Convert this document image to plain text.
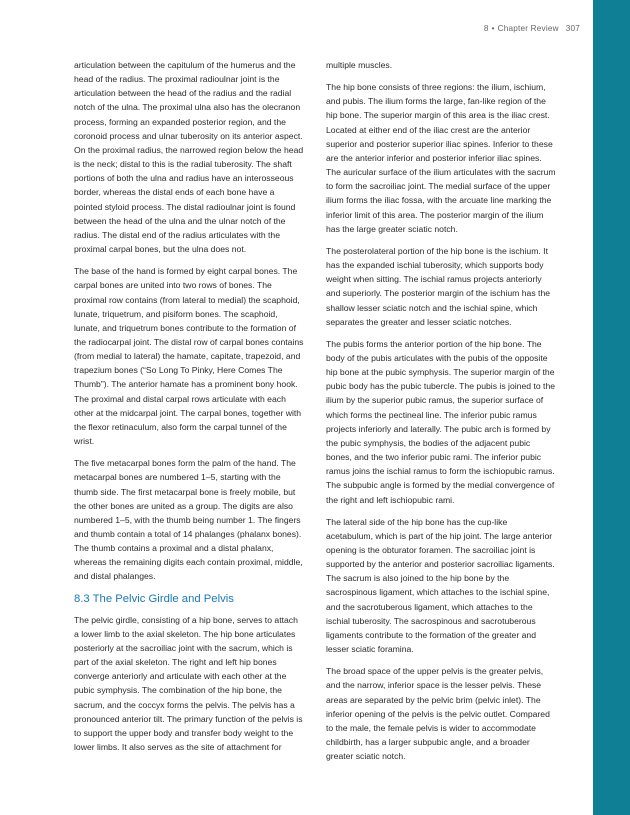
8 • Chapter Review 307

articulation between the capitulum of the humerus and the head of the radius. The proximal radioulnar joint is the articulation between the head of the radius and the radial notch of the ulna. The proximal ulna also has the olecranon process, forming an expanded posterior region, and the coronoid process and ulnar tuberosity on its anterior aspect. On the proximal radius, the narrowed region below the head is the neck; distal to this is the radial tuberosity. The shaft portions of both the ulna and radius have an interosseous border, whereas the distal ends of each bone have a pointed styloid process. The distal radioulnar joint is found between the head of the ulna and the ulnar notch of the radius. The distal end of the radius articulates with the proximal carpal bones, but the ulna does not.

The base of the hand is formed by eight carpal bones. The carpal bones are united into two rows of bones. The proximal row contains (from lateral to medial) the scaphoid, lunate, triquetrum, and pisiform bones. The scaphoid, lunate, and triquetrum bones contribute to the formation of the radiocarpal joint. The distal row of carpal bones contains (from medial to lateral) the hamate, capitate, trapezoid, and trapezium bones (“So Long To Pinky, Here Comes The Thumb”). The anterior hamate has a prominent bony hook. The proximal and distal carpal rows articulate with each other at the midcarpal joint. The carpal bones, together with the flexor retinaculum, also form the carpal tunnel of the wrist.

The five metacarpal bones form the palm of the hand. The metacarpal bones are numbered 1–5, starting with the thumb side. The first metacarpal bone is freely mobile, but the other bones are united as a group. The digits are also numbered 1–5, with the thumb being number 1. The fingers and thumb contain a total of 14 phalanges (phalanx bones). The thumb contains a proximal and a distal phalanx, whereas the remaining digits each contain proximal, middle, and distal phalanges.

8.3 The Pelvic Girdle and Pelvis

The pelvic girdle, consisting of a hip bone, serves to attach a lower limb to the axial skeleton. The hip bone articulates posteriorly at the sacroiliac joint with the sacrum, which is part of the axial skeleton. The right and left hip bones converge anteriorly and articulate with each other at the pubic symphysis. The combination of the hip bone, the sacrum, and the coccyx forms the pelvis. The pelvis has a pronounced anterior tilt. The primary function of the pelvis is to support the upper body and transfer body weight to the lower limbs. It also serves as the site of attachment for

multiple muscles.

The hip bone consists of three regions: the ilium, ischium, and pubis. The ilium forms the large, fan-like region of the hip bone. The superior margin of this area is the iliac crest. Located at either end of the iliac crest are the anterior superior and posterior superior iliac spines. Inferior to these are the anterior inferior and posterior inferior iliac spines. The auricular surface of the ilium articulates with the sacrum to form the sacroiliac joint. The medial surface of the upper ilium forms the iliac fossa, with the arcuate line marking the inferior limit of this area. The posterior margin of the ilium has the large greater sciatic notch.

The posterolateral portion of the hip bone is the ischium. It has the expanded ischial tuberosity, which supports body weight when sitting. The ischial ramus projects anteriorly and superiorly. The posterior margin of the ischium has the shallow lesser sciatic notch and the ischial spine, which separates the greater and lesser sciatic notches.

The pubis forms the anterior portion of the hip bone. The body of the pubis articulates with the pubis of the opposite hip bone at the pubic symphysis. The superior margin of the pubic body has the pubic tubercle. The pubis is joined to the ilium by the superior pubic ramus, the superior surface of which forms the pectineal line. The inferior pubic ramus projects inferiorly and laterally. The pubic arch is formed by the pubic symphysis, the bodies of the adjacent pubic bones, and the two inferior pubic rami. The inferior pubic ramus joins the ischial ramus to form the ischiopubic ramus. The subpubic angle is formed by the medial convergence of the right and left ischiopubic rami.

The lateral side of the hip bone has the cup-like acetabulum, which is part of the hip joint. The large anterior opening is the obturator foramen. The sacroiliac joint is supported by the anterior and posterior sacroiliac ligaments. The sacrum is also joined to the hip bone by the sacrospinous ligament, which attaches to the ischial spine, and the sacrotuberous ligament, which attaches to the ischial tuberosity. The sacrospinous and sacrotuberous ligaments contribute to the formation of the greater and lesser sciatic foramina.

The broad space of the upper pelvis is the greater pelvis, and the narrow, inferior space is the lesser pelvis. These areas are separated by the pelvic brim (pelvic inlet). The inferior opening of the pelvis is the pelvic outlet. Compared to the male, the female pelvis is wider to accommodate childbirth, has a larger subpubic angle, and a broader greater sciatic notch.
